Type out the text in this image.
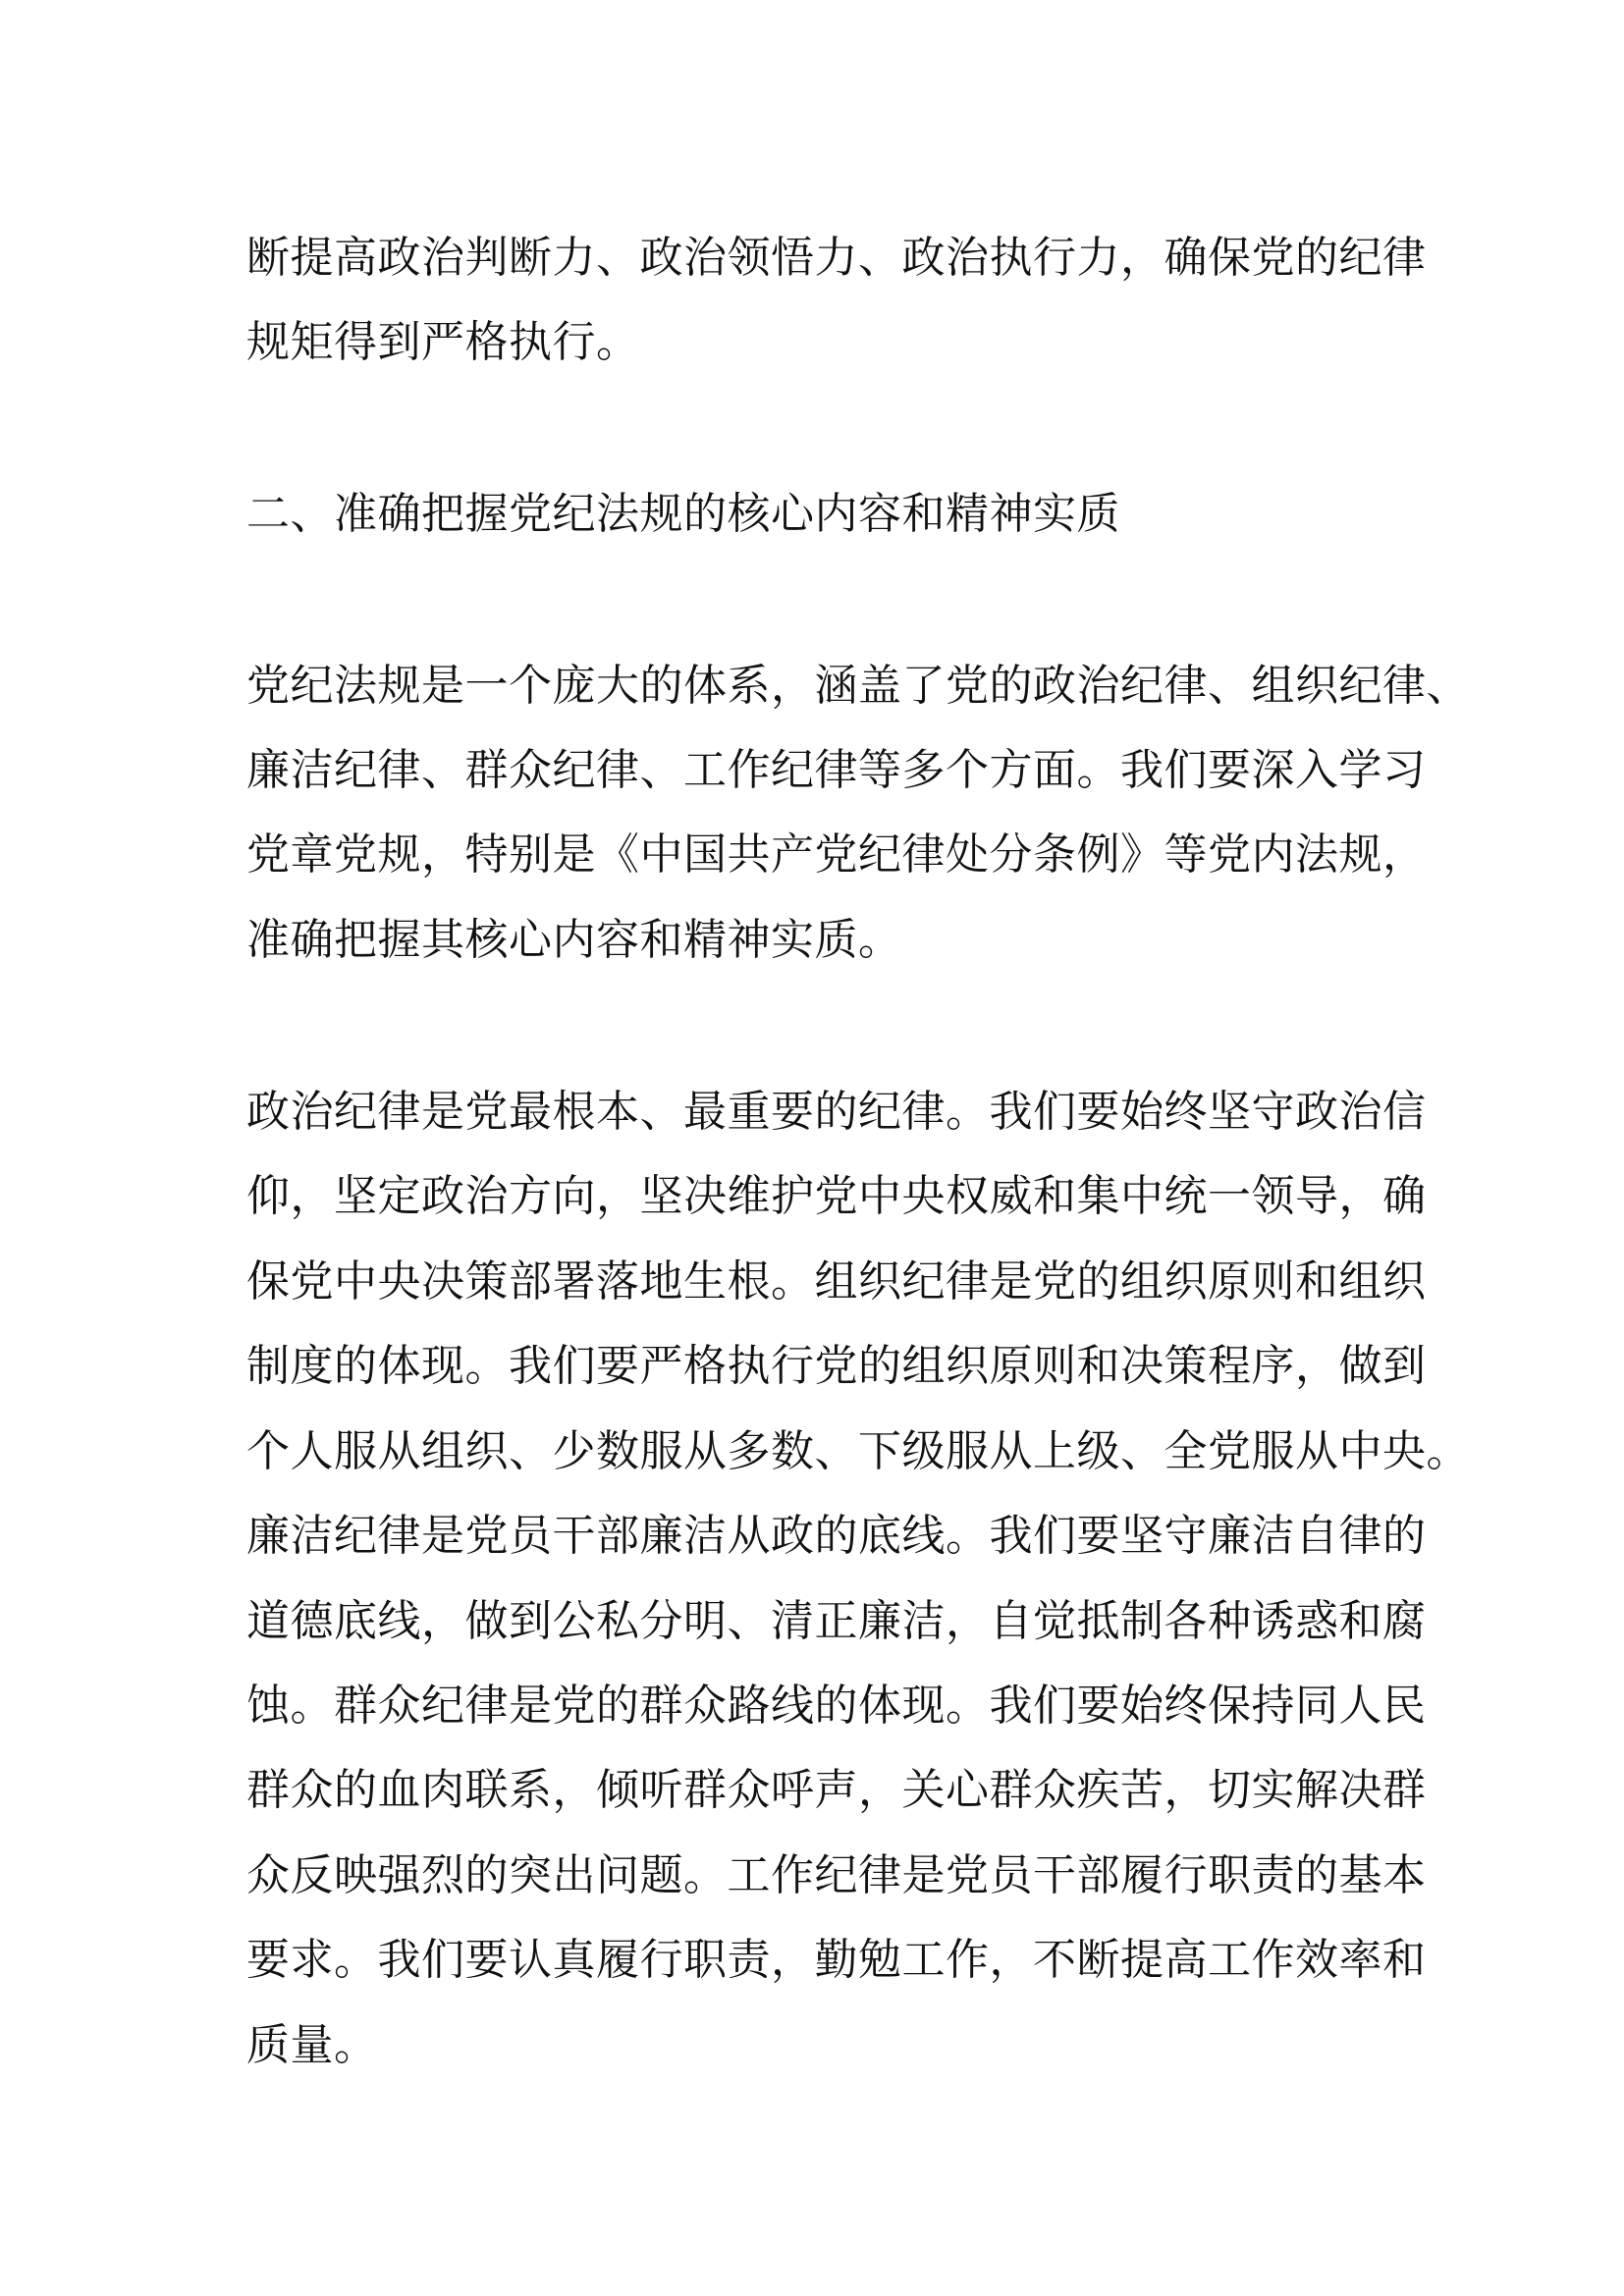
断提高政治判断力、政治领悟力、政治执行力，确保党的纪律
规矩得到严格执行。
二、准确把握党纪法规的核心内容和精神实质
党纪法规是一个庞大的体系，涵盖了党的政治纪律、组织纪律、
廉洁纪律、群众纪律、工作纪律等多个方面。我们要深入学习
党章党规，特别是《中国共产党纪律处分条例》等党内法规，
准确把握其核心内容和精神实质。
政治纪律是党最根本、最重要的纪律。我们要始终坚守政治信
仰，坚定政治方向，坚决维护党中央权威和集中统一领导，确
保党中央决策部署落地生根。组织纪律是党的组织原则和组织
制度的体现。我们要严格执行党的组织原则和决策程序，做到
个人服从组织、少数服从多数、下级服从上级、全党服从中央。
廉洁纪律是党员干部廉洁从政的底线。我们要坚守廉洁自律的
道德底线，做到公私分明、清正廉洁，自觉抵制各种诱惑和腐
蚀。群众纪律是党的群众路线的体现。我们要始终保持同人民
群众的血肉联系，倾听群众呼声，关心群众疾苦，切实解决群
众反映强烈的突出问题。工作纪律是党员干部履行职责的基本
要求。我们要认真履行职责，勤勉工作，不断提高工作效率和
质量。
